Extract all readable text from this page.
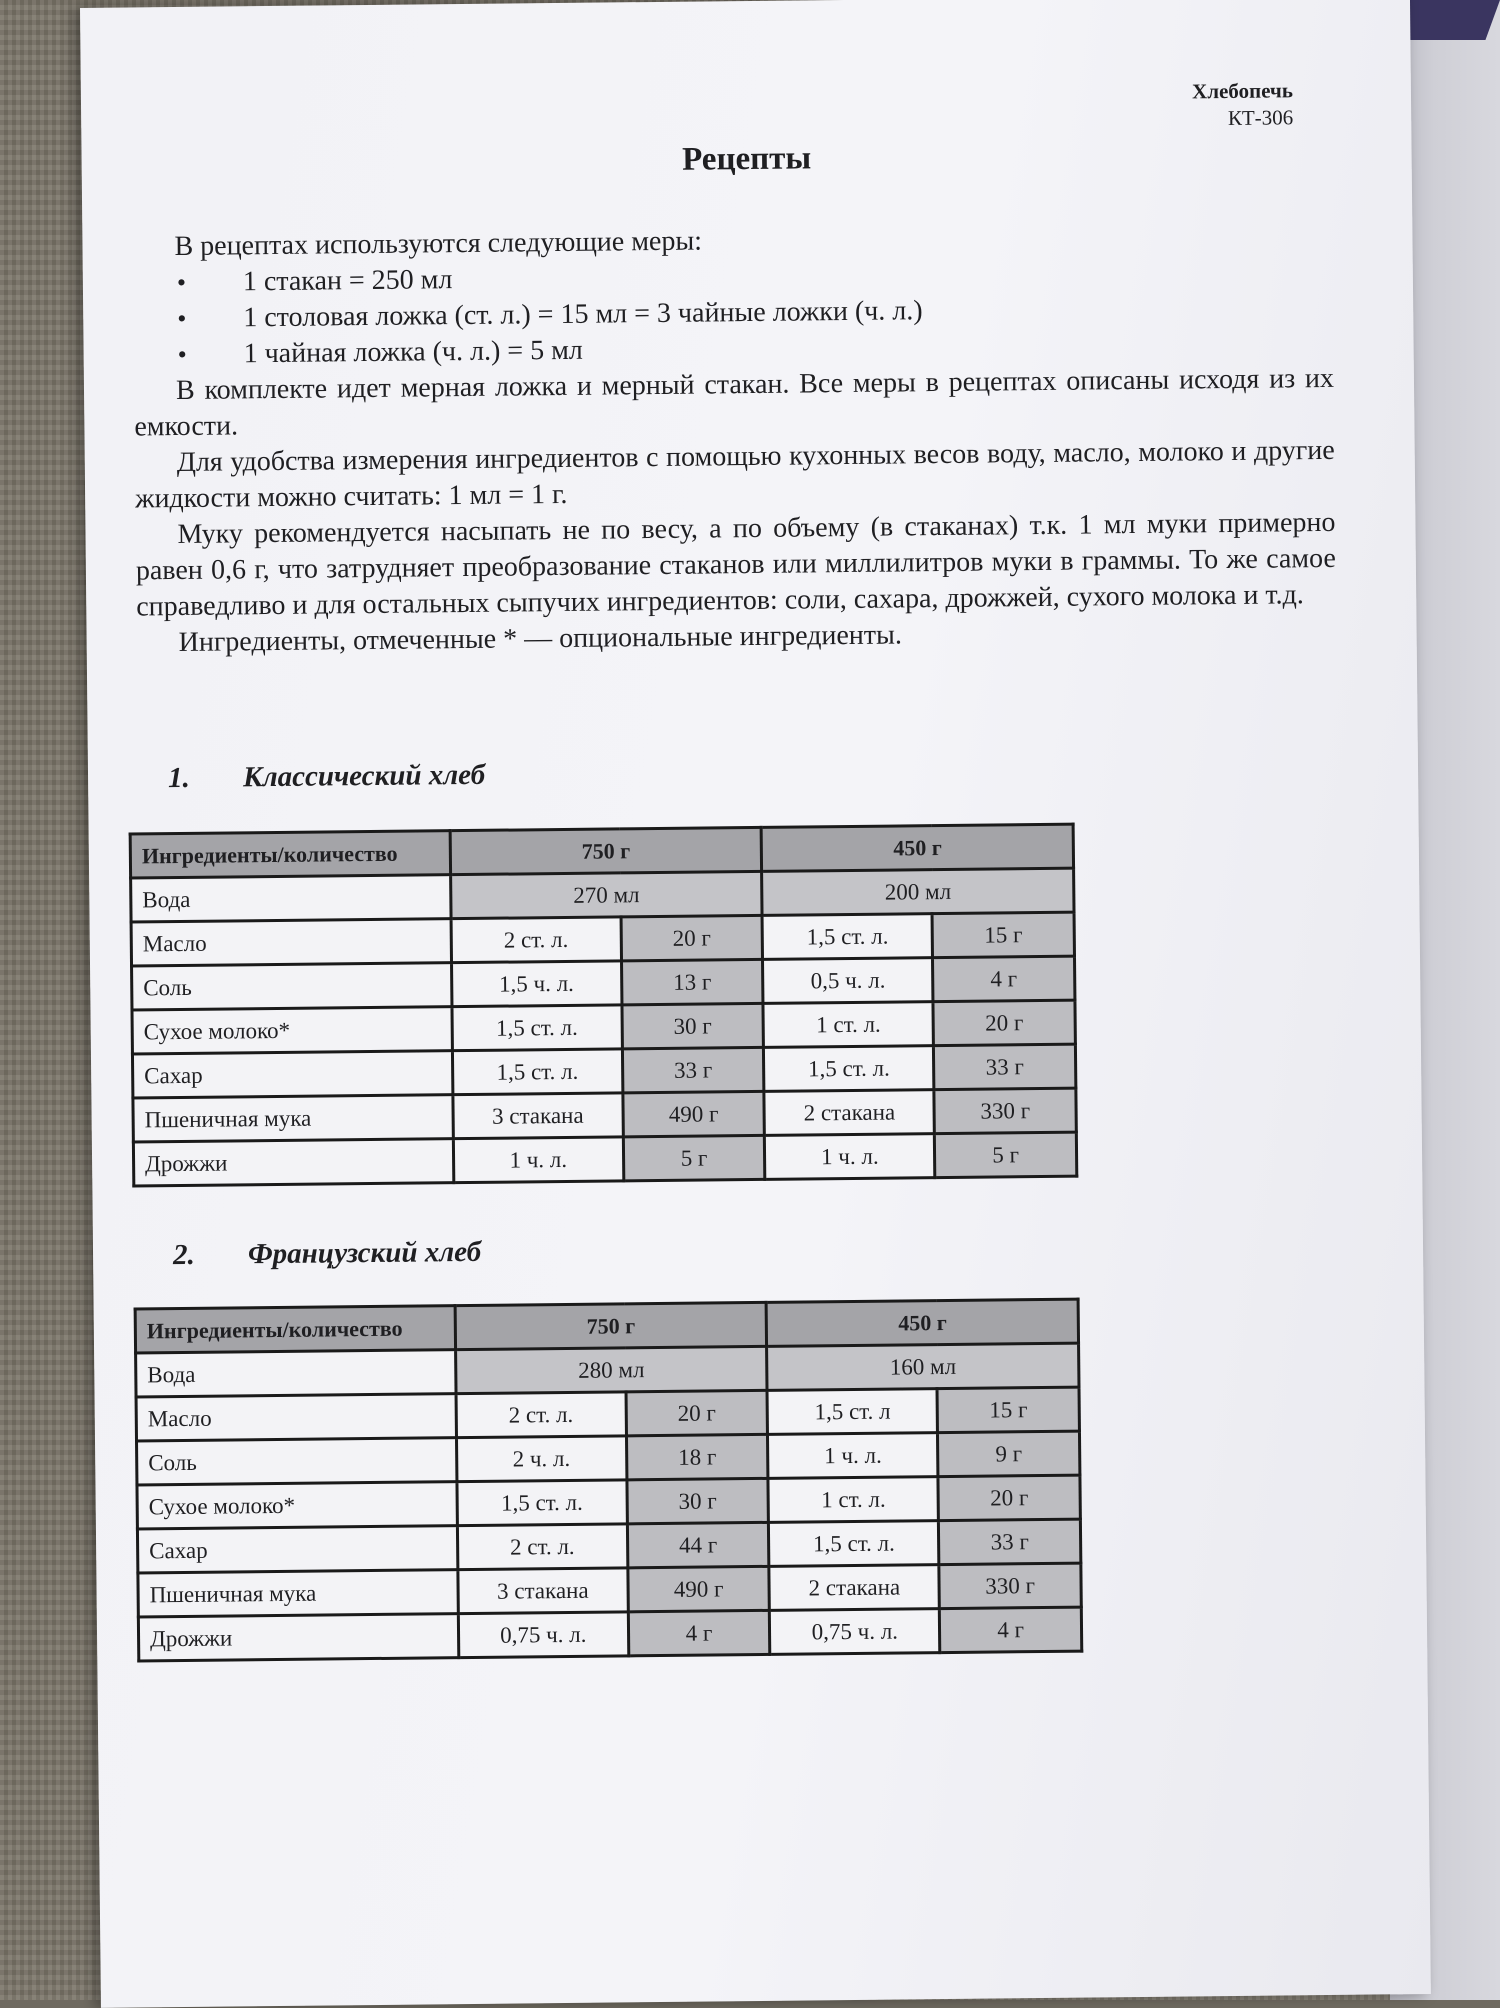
Хлебопечь
КТ-306
Рецепты

В рецептах используются следующие меры:

• 1 стакан = 250 мл
• 1 столовая ложка (ст. л.) = 15 мл = 3 чайные ложки (ч. л.)
• 1 чайная ложка (ч. л.) = 5 мл

В комплекте идет мерная ложка и мерный стакан. Все меры в рецептах описаны исходя из их емкости.

Для удобства измерения ингредиентов с помощью кухонных весов воду, масло, молоко и другие жидкости можно считать: 1 мл = 1 г.

Муку рекомендуется насыпать не по весу, а по объему (в стаканах) т.к. 1 мл муки примерно равен 0,6 г, что затрудняет преобразование стаканов или миллилитров муки в граммы. То же самое справедливо и для остальных сыпучих ингредиентов: соли, сахара, дрожжей, сухого молока и т.д.

Ингредиенты, отмеченные * — опциональные ингредиенты.

1. Классический хлеб
Ингредиенты/количество	750 г		450 г	
Вода	270 мл		200 мл	
Масло	2 ст. л.	20 г	1,5 ст. л.	15 г
Соль	1,5 ч. л.	13 г	0,5 ч. л.	4 г
Сухое молоко*	1,5 ст. л.	30 г	1 ст. л.	20 г
Сахар	1,5 ст. л.	33 г	1,5 ст. л.	33 г
Пшеничная мука	3 стакана	490 г	2 стакана	330 г
Дрожжи	1 ч. л.	5 г	1 ч. л.	5 г
2. Французский хлеб
Ингредиенты/количество	750 г		450 г	
Вода	280 мл		160 мл	
Масло	2 ст. л.	20 г	1,5 ст. л	15 г
Соль	2 ч. л.	18 г	1 ч. л.	9 г
Сухое молоко*	1,5 ст. л.	30 г	1 ст. л.	20 г
Сахар	2 ст. л.	44 г	1,5 ст. л.	33 г
Пшеничная мука	3 стакана	490 г	2 стакана	330 г
Дрожжи	0,75 ч. л.	4 г	0,75 ч. л.	4 г
